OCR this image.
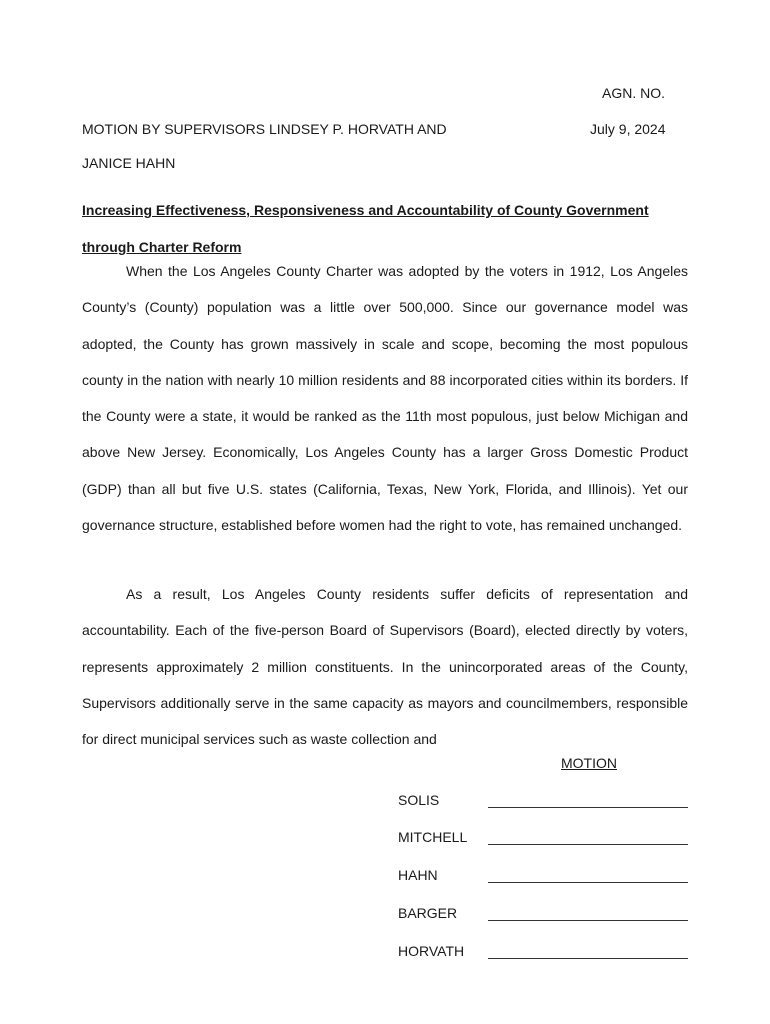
AGN. NO.
MOTION BY SUPERVISORS LINDSEY P. HORVATH AND	July 9, 2024
JANICE HAHN
Increasing Effectiveness, Responsiveness and Accountability of County Government through Charter Reform

When the Los Angeles County Charter was adopted by the voters in 1912, Los Angeles County’s (County) population was a little over 500,000. Since our governance model was adopted, the County has grown massively in scale and scope, becoming the most populous county in the nation with nearly 10 million residents and 88 incorporated cities within its borders. If the County were a state, it would be ranked as the 11th most populous, just below Michigan and above New Jersey. Economically, Los Angeles County has a larger Gross Domestic Product (GDP) than all but five U.S. states (California, Texas, New York, Florida, and Illinois). Yet our governance structure, established before women had the right to vote, has remained unchanged.

As a result, Los Angeles County residents suffer deficits of representation and accountability. Each of the five-person Board of Supervisors (Board), elected directly by voters, represents approximately 2 million constituents. In the unincorporated areas of the County, Supervisors additionally serve in the same capacity as mayors and councilmembers, responsible for direct municipal services such as waste collection and

MOTION
SOLIS
MITCHELL
HAHN
BARGER
HORVATH
